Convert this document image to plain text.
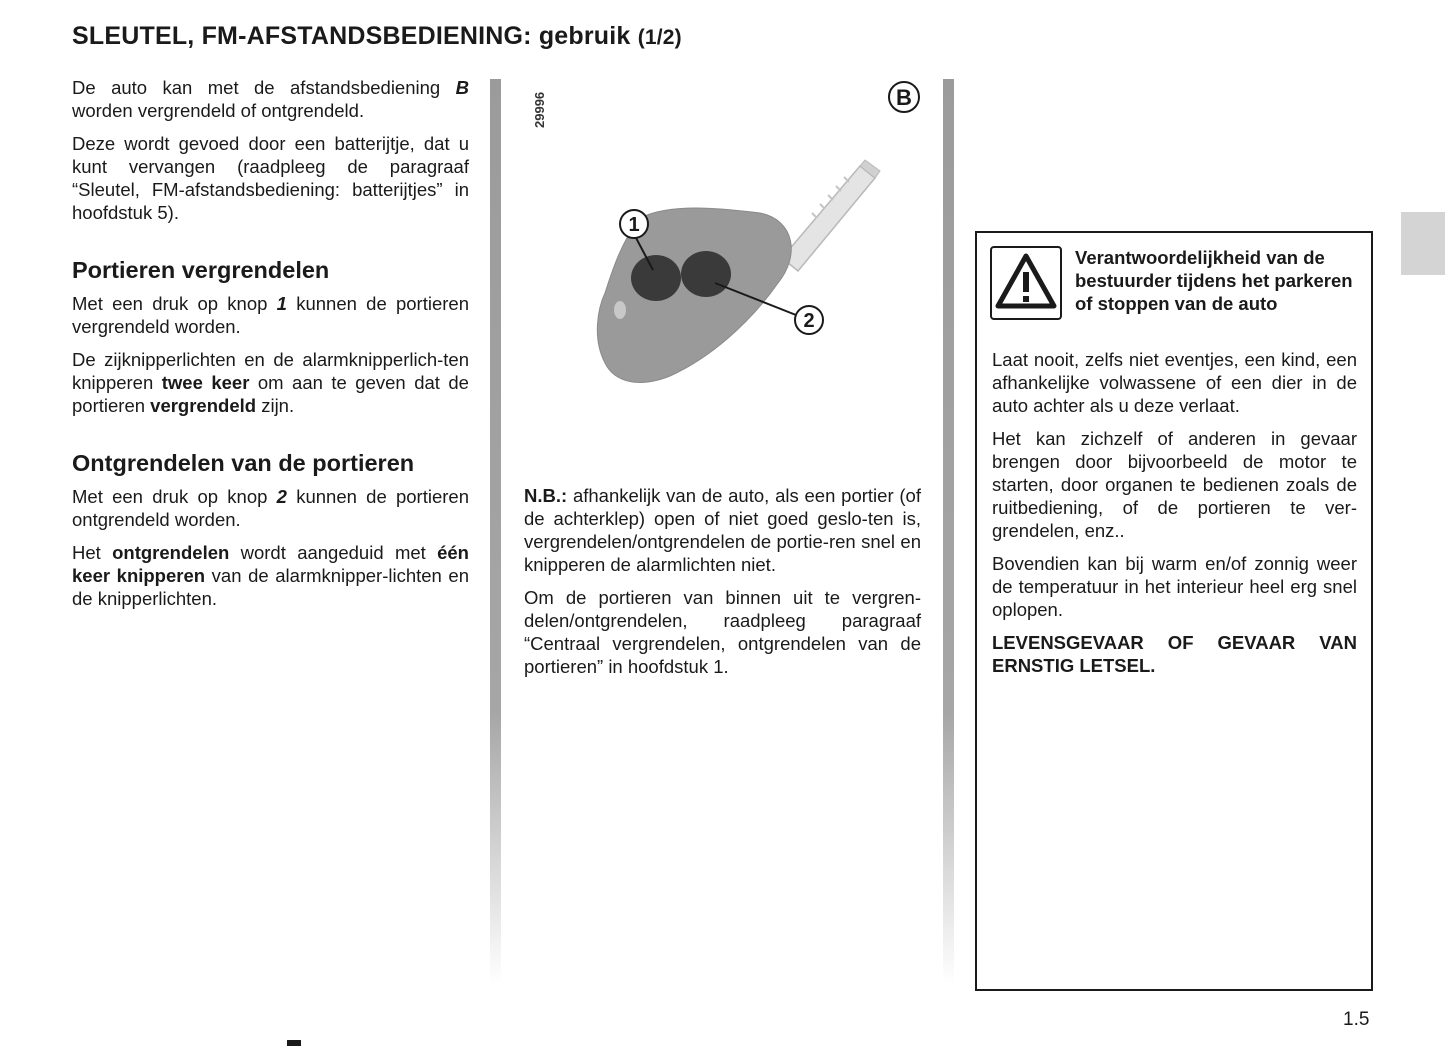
SLEUTEL, FM-AFSTANDSBEDIENING: gebruik (1/2)

De auto kan met de afstandsbediening B worden vergrendeld of ontgrendeld.

Deze wordt gevoed door een batterijtje, dat u kunt vervangen (raadpleeg de paragraaf “Sleutel, FM-afstandsbediening: batterijtjes” in hoofdstuk 5).

Portieren vergrendelen

Met een druk op knop 1 kunnen de portieren vergrendeld worden.

De zijknipperlichten en de alarmknipperlich-ten knipperen twee keer om aan te geven dat de portieren vergrendeld zijn.

Ontgrendelen van de portieren

Met een druk op knop 2 kunnen de portieren ontgrendeld worden.

Het ontgrendelen wordt aangeduid met één keer knipperen van de alarmknipper-lichten en de knipperlichten.

29996	B
1
2

N.B.: afhankelijk van de auto, als een portier (of de achterklep) open of niet goed geslo-ten is, vergrendelen/ontgrendelen de portie-ren snel en knipperen de alarmlichten niet.

Om de portieren van binnen uit te vergren-delen/ontgrendelen, raadpleeg paragraaf “Centraal vergrendelen, ontgrendelen van de portieren” in hoofdstuk 1.

Verantwoordelijkheid van de bestuurder tijdens het parkeren of stoppen van de auto

Laat nooit, zelfs niet eventjes, een kind, een afhankelijke volwassene of een dier in de auto achter als u deze verlaat.

Het kan zichzelf of anderen in gevaar brengen door bijvoorbeeld de motor te starten, door organen te bedienen zoals de ruitbediening, of de portieren te ver-grendelen, enz..

Bovendien kan bij warm en/of zonnig weer de temperatuur in het interieur heel erg snel oplopen.

LEVENSGEVAAR OF GEVAAR VAN ERNSTIG LETSEL.

1.5
